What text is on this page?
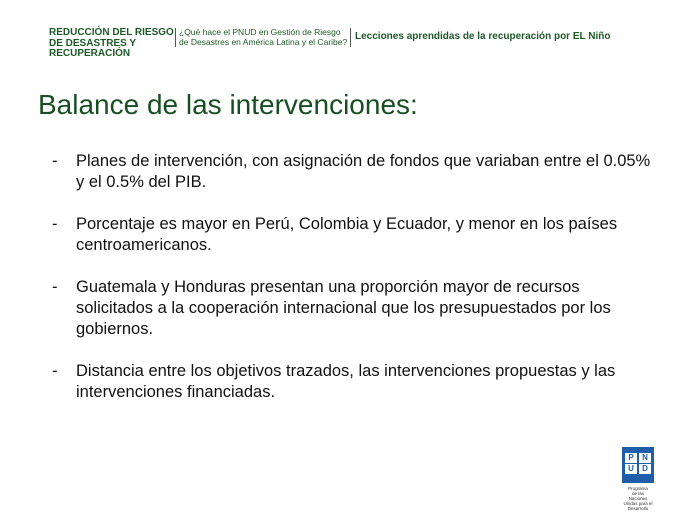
REDUCCIÓN DEL RIESGO
DE DESASTRES Y
RECUPERACIÓN
¿Qué hace el PNUD en Gestión de Riesgo
de Desastres en América Latina y el Caribe? Lecciones aprendidas de la recuperación por EL Niño
Balance de las intervenciones:
- Planes de intervención, con asignación de fondos que variaban entre el 0.05% y el 0.5% del PIB.
- Porcentaje es mayor en Perú, Colombia y Ecuador, y menor en los países centroamericanos.
- Guatemala y Honduras presentan una proporción mayor de recursos solicitados a la cooperación internacional que los presupuestados por los gobiernos.
- Distancia entre los objetivos trazados, las intervenciones propuestas y las intervenciones financiadas.
P	N
U	D
Programa
de las Naciones
Unidas para el Desarrollo
